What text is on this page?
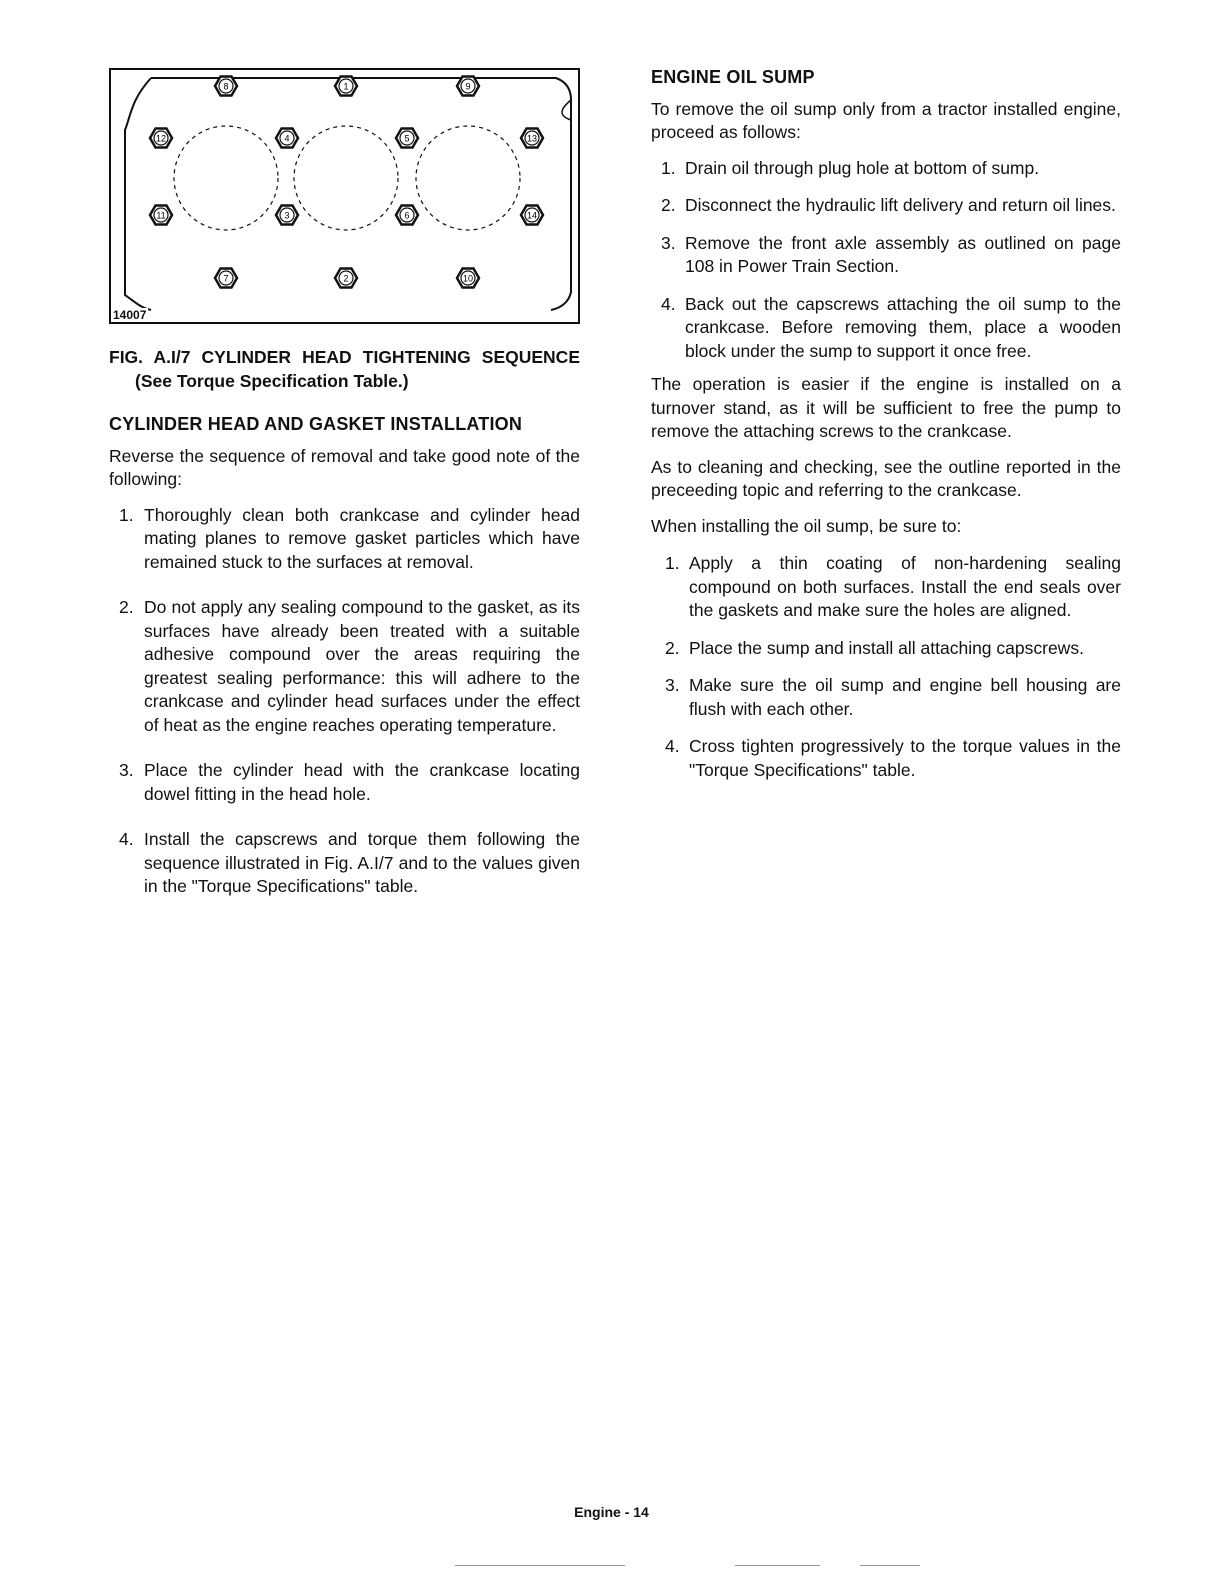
1
2
3
4	5
6
7
8	9
10
11
12	13
14
14007
FIG. A.I/7 CYLINDER HEAD TIGHTENING SEQUENCE (See Torque Specification Table.)
CYLINDER HEAD AND GASKET INSTALLATION

Reverse the sequence of removal and take good note of the following:

1. Thoroughly clean both crankcase and cylinder head mating planes to remove gasket particles which have remained stuck to the surfaces at removal.
2. Do not apply any sealing compound to the gasket, as its surfaces have already been treated with a suitable adhesive compound over the areas requiring the greatest sealing performance: this will adhere to the crankcase and cylinder head surfaces under the effect of heat as the engine reaches operating temperature.
3. Place the cylinder head with the crankcase locating dowel fitting in the head hole.
4. Install the capscrews and torque them following the sequence illustrated in Fig. A.I/7 and to the values given in the "Torque Specifications" table.
ENGINE OIL SUMP

To remove the oil sump only from a tractor installed engine, proceed as follows:

1. Drain oil through plug hole at bottom of sump.
2. Disconnect the hydraulic lift delivery and return oil lines.
3. Remove the front axle assembly as outlined on page 108 in Power Train Section.
4. Back out the capscrews attaching the oil sump to the crankcase. Before removing them, place a wooden block under the sump to support it once free.

The operation is easier if the engine is installed on a turnover stand, as it will be sufficient to free the pump to remove the attaching screws to the crankcase.

As to cleaning and checking, see the outline reported in the preceeding topic and referring to the crankcase.

When installing the oil sump, be sure to:

1. Apply a thin coating of non-hardening sealing compound on both surfaces. Install the end seals over the gaskets and make sure the holes are aligned.
2. Place the sump and install all attaching capscrews.
3. Make sure the oil sump and engine bell housing are flush with each other.
4. Cross tighten progressively to the torque values in the "Torque Specifications" table.
Engine - 14
